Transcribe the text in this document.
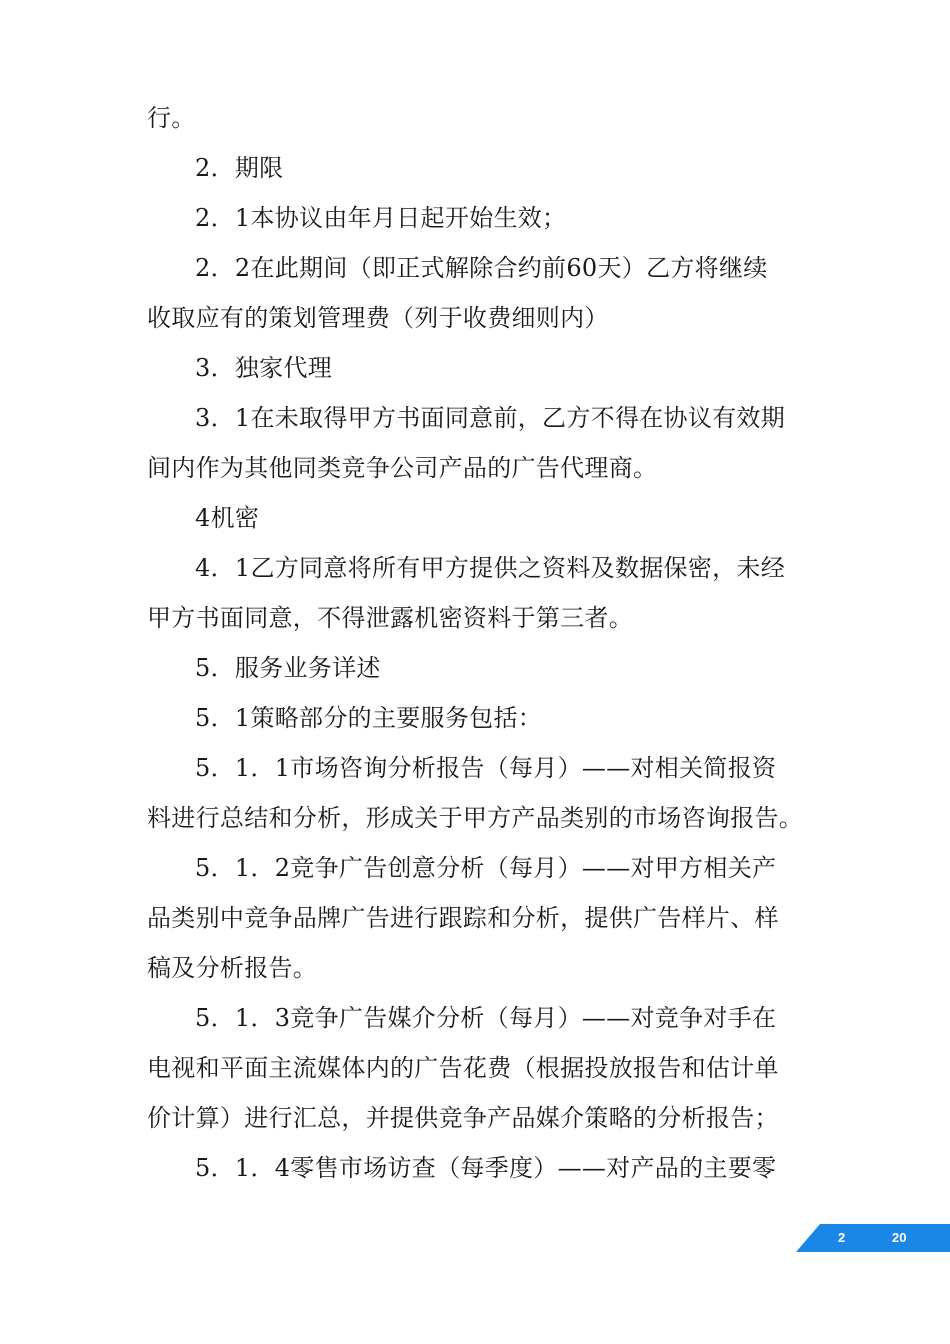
行。

2．期限

2．1本协议由年月日起开始生效；

2．2在此期间（即正式解除合约前60天）乙方将继续

收取应有的策划管理费（列于收费细则内）

3．独家代理

3．1在未取得甲方书面同意前，乙方不得在协议有效期

间内作为其他同类竞争公司产品的广告代理商。

4机密

4．1乙方同意将所有甲方提供之资料及数据保密，未经

甲方书面同意，不得泄露机密资料于第三者。

5．服务业务详述

5．1策略部分的主要服务包括：

5．1．1市场咨询分析报告（每月）——对相关简报资

料进行总结和分析，形成关于甲方产品类别的市场咨询报告。

5．1．2竞争广告创意分析（每月）——对甲方相关产

品类别中竞争品牌广告进行跟踪和分析，提供广告样片、样

稿及分析报告。

5．1．3竞争广告媒介分析（每月）——对竞争对手在

电视和平面主流媒体内的广告花费（根据投放报告和估计单

价计算）进行汇总，并提供竞争产品媒介策略的分析报告；

5．1．4零售市场访查（每季度）——对产品的主要零

2	20
